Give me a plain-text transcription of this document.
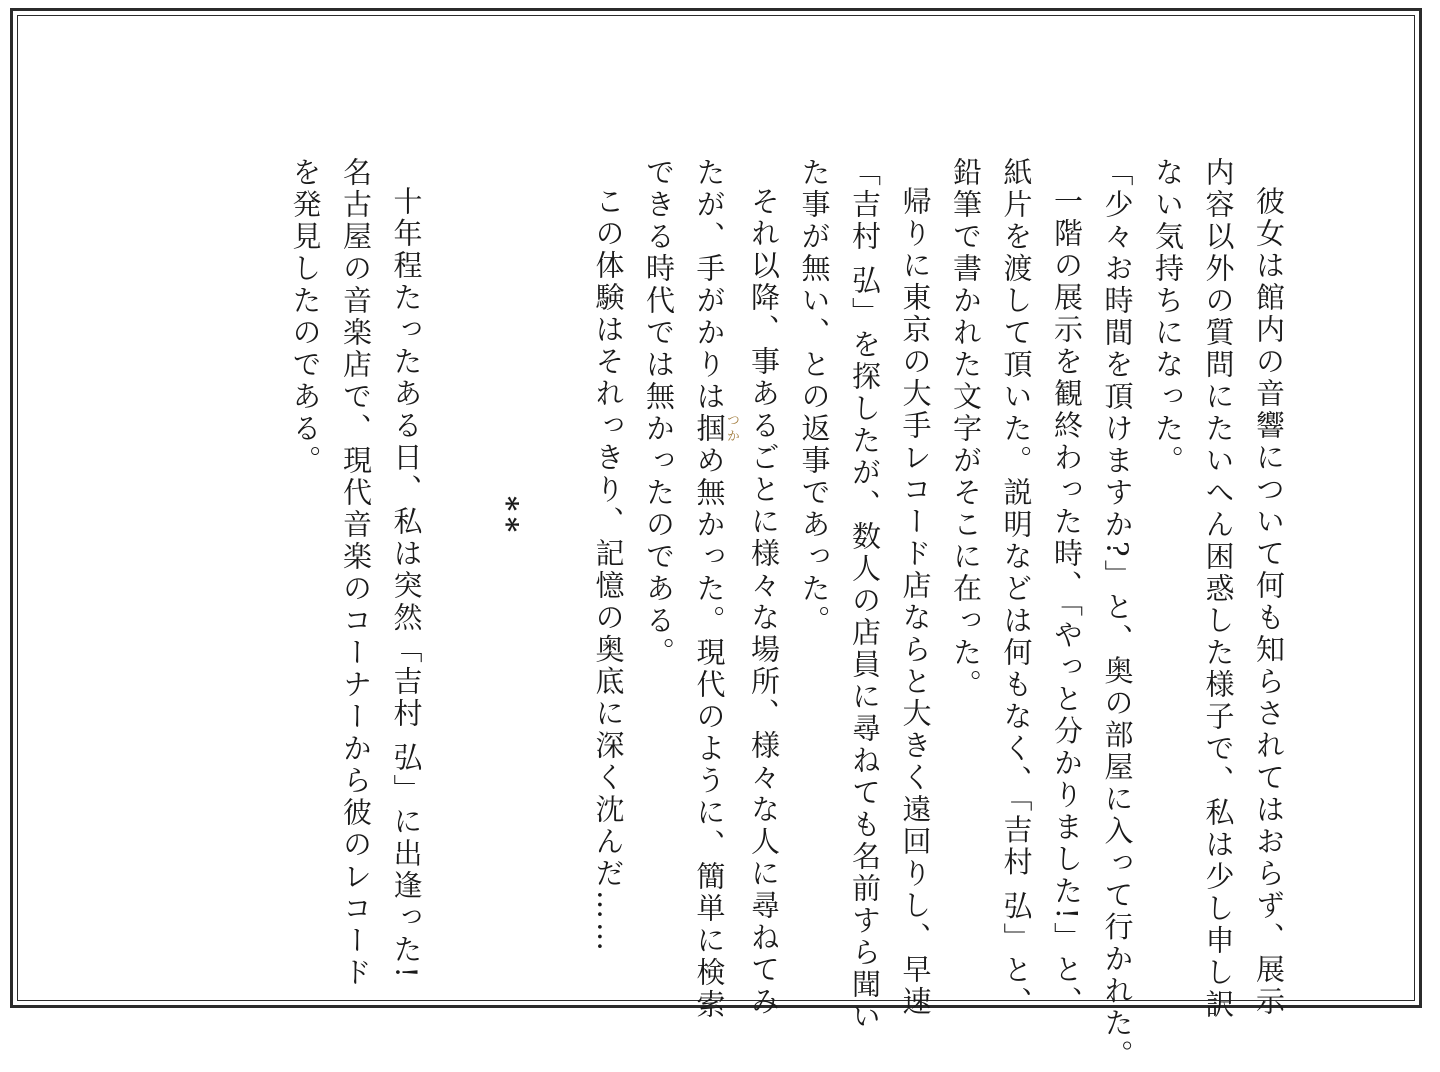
彼女は館内の音響について何も知らされてはおらず、展示
内容以外の質問にたいへん困惑した様子で、私は少し申し訳
ない気持ちになった。
「少々お時間を頂けますか?」と、奥の部屋に入って行かれた。
一階の展示を観終わった時、「やっと分かりました!」と、
紙片を渡して頂いた。説明などは何もなく、「吉村 弘」と、
鉛筆で書かれた文字がそこに在った。
帰りに東京の大手レコード店ならと大きく遠回りし、早速
「吉村 弘」を探したが、数人の店員に尋ねても名前すら聞い
た事が無い、との返事であった。
それ以降、事あるごとに様々な場所、様々な人に尋ねてみ
たが、手がかりは掴つかめ無かった。現代のように、簡単に検索
できる時代では無かったのである。
この体験はそれっきり、記憶の奥底に深く沈んだ……

**

十年程たったある日、私は突然「吉村 弘」に出逢った!
名古屋の音楽店で、現代音楽のコーナーから彼のレコード
を発見したのである。
